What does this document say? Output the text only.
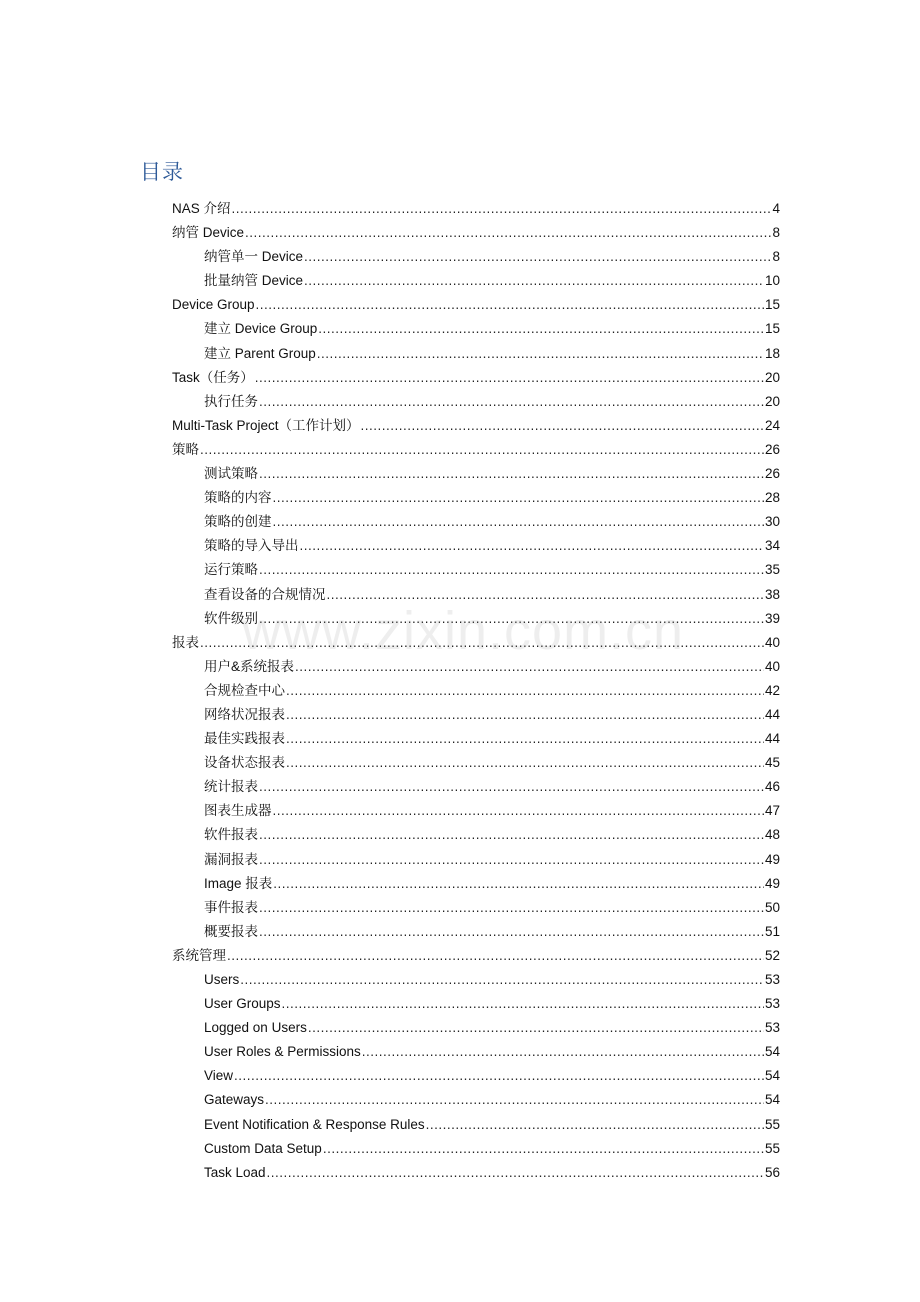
目录
NAS 介绍 .....	4
纳管 Device .....	8
纳管单一 Device .....	8
批量纳管 Device .....	10
Device Group .....	15
建立 Device Group .....	15
建立 Parent Group .....	18
Task（任务） .....	20
执行任务 .....	20
Multi-Task Project（工作计划） .....	24
策略 .....	26
测试策略 .....	26
策略的内容 .....	28
策略的创建 .....	30
策略的导入导出 .....	34
运行策略 .....	35
查看设备的合规情况 .....	38
软件级别 .....	39
报表 .....	40
用户&系统报表 .....	40
合规检查中心 .....	42
网络状况报表 .....	44
最佳实践报表 .....	44
设备状态报表 .....	45
统计报表 .....	46
图表生成器 .....	47
软件报表 .....	48
漏洞报表 .....	49
Image 报表 .....	49
事件报表 .....	50
概要报表 .....	51
系统管理 .....	52
Users .....	53
User Groups .....	53
Logged on Users .....	53
User Roles & Permissions .....	54
View .....	54
Gateways .....	54
Event Notification & Response Rules .....	55
Custom Data Setup .....	55
Task Load .....	56
www.zixin.com.cn
